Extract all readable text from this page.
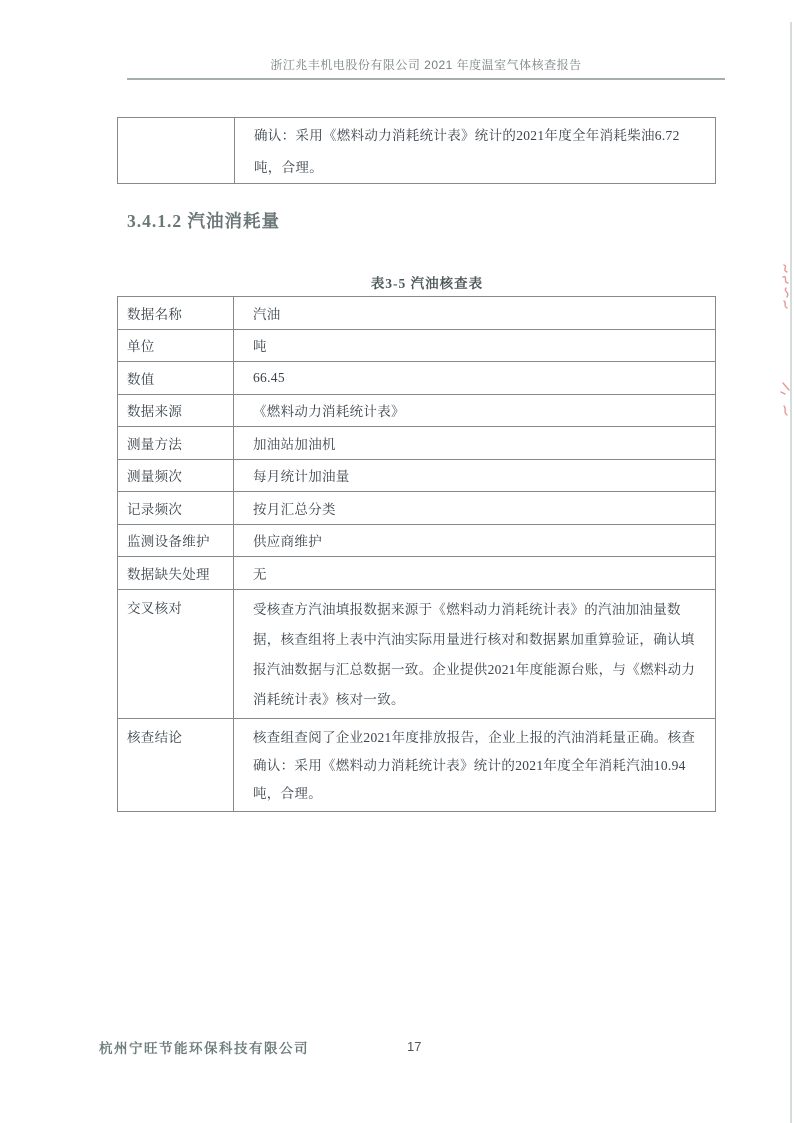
浙江兆丰机电股份有限公司 2021 年度温室气体核查报告
确认：采用《燃料动力消耗统计表》统计的2021年度全年消耗柴油6.72吨，合理。
3.4.1.2 汽油消耗量
表3-5 汽油核查表
数据名称	汽油
单位	吨
数值	66.45
数据来源	《燃料动力消耗统计表》
测量方法	加油站加油机
测量频次	每月统计加油量
记录频次	按月汇总分类
监测设备维护	供应商维护
数据缺失处理	无
交叉核对	受核查方汽油填报数据来源于《燃料动力消耗统计表》的汽油加油量数据，核查组将上表中汽油实际用量进行核对和数据累加重算验证，确认填报汽油数据与汇总数据一致。企业提供2021年度能源台账，与《燃料动力消耗统计表》核对一致。
核查结论	核查组查阅了企业2021年度排放报告，企业上报的汽油消耗量正确。核查确认：采用《燃料动力消耗统计表》统计的2021年度全年消耗汽油10.94吨，合理。
杭州宁旺节能环保科技有限公司	17
